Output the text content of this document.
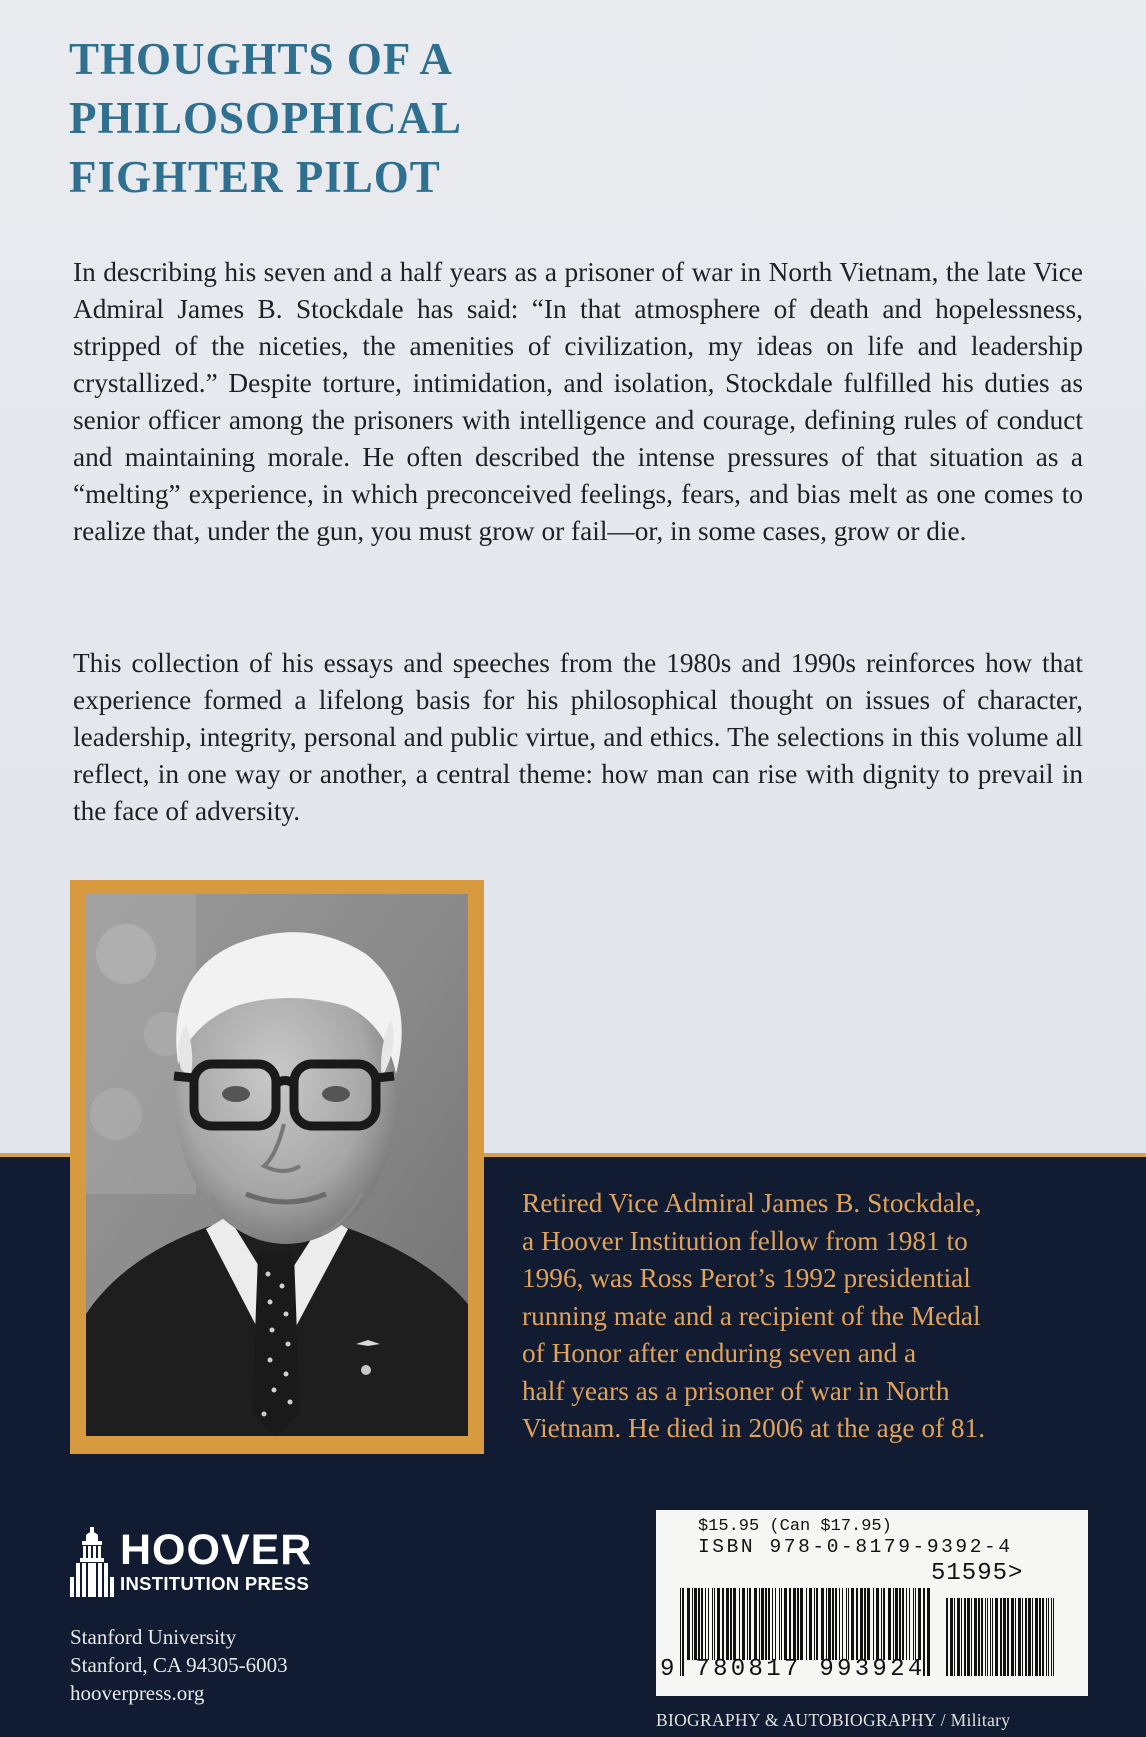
THOUGHTS OF A
PHILOSOPHICAL
FIGHTER PILOT

In describing his seven and a half years as a prisoner of war in North Vietnam, the late Vice Admiral James B. Stockdale has said: “In that atmosphere of death and hopelessness, stripped of the niceties, the amenities of civilization, my ideas on life and leadership crystallized.” Despite torture, intimidation, and isolation, Stockdale fulfilled his duties as senior officer among the prisoners with intelligence and courage, defining rules of conduct and maintaining morale. He often described the intense pressures of that situation as a “melting” experience, in which preconceived feelings, fears, and bias melt as one comes to realize that, under the gun, you must grow or fail—or, in some cases, grow or die.

This collection of his essays and speeches from the 1980s and 1990s reinforces how that experience formed a lifelong basis for his philosophical thought on issues of character, leadership, integrity, personal and public virtue, and ethics. The selections in this volume all reflect, in one way or another, a central theme: how man can rise with dignity to prevail in the face of adversity.

Retired Vice Admiral James B. Stockdale,
a Hoover Institution fellow from 1981 to
1996, was Ross Perot’s 1992 presidential
running mate and a recipient of the Medal
of Honor after enduring seven and a
half years as a prisoner of war in North
Vietnam. He died in 2006 at the age of 81.
HOOVER
INSTITUTION PRESS
Stanford University
Stanford, CA 94305-6003
hooverpress.org
$15.95 (Can $17.95)
ISBN 978-0-8179-9392-4
51595>
9 780817 993924
BIOGRAPHY & AUTOBIOGRAPHY / Military
